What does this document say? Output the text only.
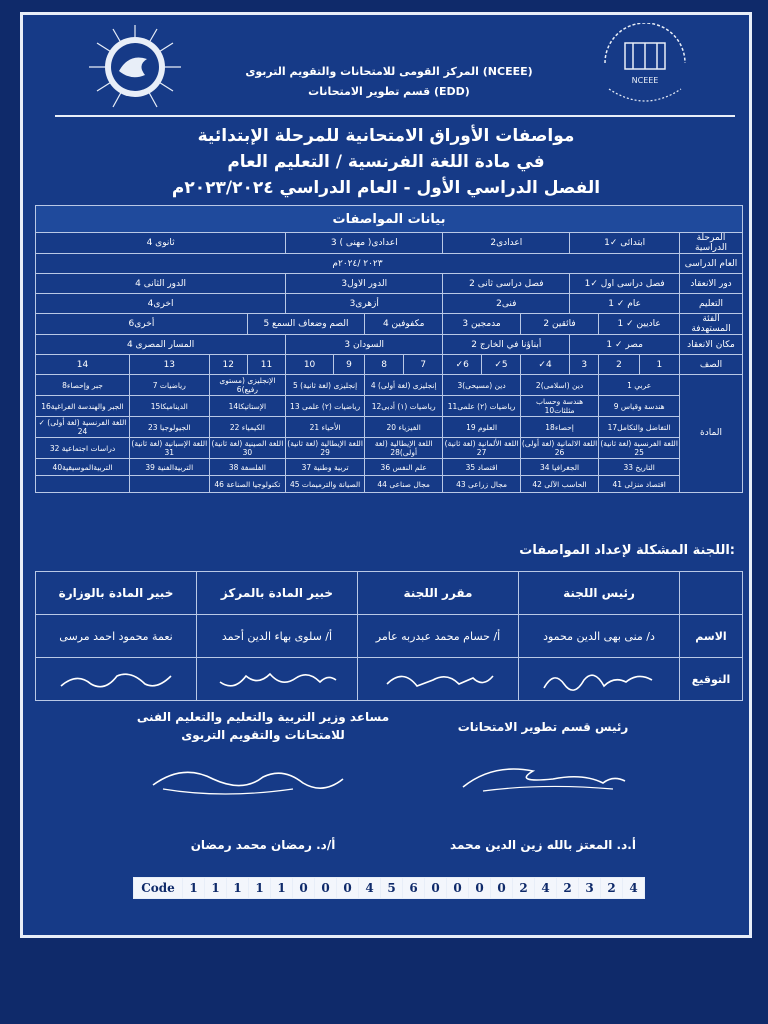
المركز القومى للامتحانات والتقويم التربوى (NCEEE)
قسم تطوير الامتحانات (EDD)
NCEEE
مواصفات الأوراق الامتحانية للمرحلة الإبتدائية
في مادة اللغة الفرنسية / التعليم العام
الفصل الدراسي الأول - العام الدراسي ٢٠٢٣/٢٠٢٤م
بيانات المواصفات														
المرحلة الدراسية	ابتدائى ✓1			اعدادى2			اعدادى( مهنى ) 3				ثانوى 4			
العام الدراسى	٢٠٢٣ /٢٠٢٤م													
دور الانعقاد	فصل دراسى اول ✓1			فصل دراسى ثانى 2			الدور الاول3				الدور الثانى 4			
التعليم	عام ✓ 1			فنى2			أزهرى3				اخرى4			
الفئة المستهدفة	عاديين ✓ 1		فائقين 2		مدمجين 3		مكفوفين 4		الصم وضعاف السمع 5			أخرى6		
مكان الانعقاد	مصر ✓ 1			أبناؤنا في الخارج 2			السودان 3				المسار المصرى 4			
الصف	1	2	3	4✓	5✓	6✓	7	8	9	10	11	12	13	14
المادة	عربي 1		دين (اسلامى)2		دين (مسيحى)3		إنجليزى (لغة أولى) 4		إنجليزى (لغة ثانية) 5		الإنجليزى (مستوى رفيع)6		رياضيات 7	جبر وإحصاء8
	هندسة وقياس 9		هندسة وحساب مثلثات10		رياضيات (٢) علمى11		رياضيات (١) أدبى12		رياضيات (٢) علمى 13		الإستاتيكا14		الديناميكا15	الجبر والهندسة الفراغية16
	التفاضل والتكامل17		إحصاء18		العلوم 19		الفيزياء 20		الأحياء 21		الكيمياء 22		الجيولوجيا 23	اللغة الفرنسية (لغة أولى) ✓ 24
	اللغة الفرنسية (لغة ثانية) 25		اللغة الالمانية (لغة أولى) 26		اللغة الألمانية (لغة ثانية) 27		اللغة الإيطالية (لغة أولى)28		اللغة الإيطالية (لغة ثانية) 29		اللغة الصينية (لغة ثانية) 30		اللغة الإسبانية (لغة ثانية) 31	دراسات اجتماعية 32
	التاريخ 33		الجغرافيا 34		اقتصاد 35		علم النفس 36		تربية وطنية 37		الفلسفة 38		التربيةالفنية 39	التربيةالموسيقية40
	اقتصاد منزلى 41		الحاسب الآلى 42		مجال زراعى 43		مجال صناعى 44		الصيانة والترميمات 45		تكنولوجيا الصناعة 46			
اللجنة المشكلة لإعداد المواصفات:
	رئيس اللجنة	مقرر اللجنة	خبير المادة بالمركز	خبير المادة بالوزارة
الاسم	د/ منى بهى الدين محمود	أ/ حسام محمد عبدربه عامر	أ/ سلوى بهاء الدين أحمد	نعمة محمود احمد مرسى
التوقيع	

رئيس قسم تطوير الامتحانات
أ.د. المعتز بالله زين الدين محمد
مساعد وزير التربية والتعليم والتعليم الفنى
للامتحانات والتقويم التربوى
أ/د. رمضان محمد رمضان
Code	1	1	1	1	1	0	0	0	4	5	6	0	0	0	0	2	4	2	3	2	4
